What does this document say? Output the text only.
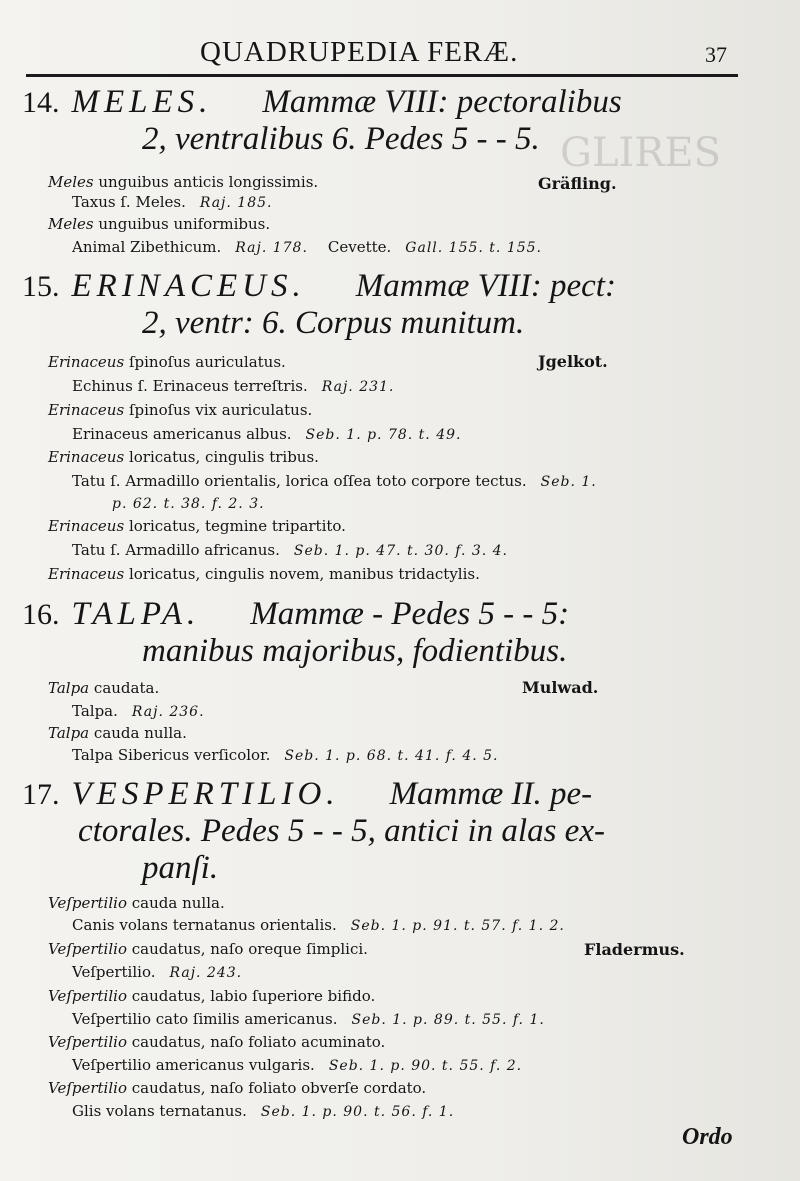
GLIRES
QUADRUPEDIA FERÆ.	37
14. MELES. Mammæ VIII: pectoralibus
2, ventralibus 6. Pedes 5 - - 5.
Gräfling.
Meles unguibus anticis longissimis.
Taxus ſ. Meles. Raj. 185.
Meles unguibus uniformibus.
Animal Zibethicum. Raj. 178. Cevette. Gall. 155. t. 155.
15. ERINACEUS. Mammæ VIII: pect:
2, ventr: 6. Corpus munitum.
Jgelkot.
Erinaceus ſpinoſus auriculatus.
Echinus ſ. Erinaceus terreſtris. Raj. 231.
Erinaceus ſpinoſus vix auriculatus.
Erinaceus americanus albus. Seb. 1. p. 78. t. 49.
Erinaceus loricatus, cingulis tribus.
Tatu ſ. Armadillo orientalis, lorica oſſea toto corpore tectus. Seb. 1.
p. 62. t. 38. f. 2. 3.
Erinaceus loricatus, tegmine tripartito.
Tatu ſ. Armadillo africanus. Seb. 1. p. 47. t. 30. f. 3. 4.
Erinaceus loricatus, cingulis novem, manibus tridactylis.
16. TALPA. Mammæ - Pedes 5 - - 5:
manibus majoribus, fodientibus.
Mulwad.
Talpa caudata.
Talpa. Raj. 236.
Talpa cauda nulla.
Talpa Sibericus verſicolor. Seb. 1. p. 68. t. 41. f. 4. 5.
17. VESPERTILIO. Mammæ II. pe-
ctorales. Pedes 5 - - 5, antici in alas ex-
panſi.
Fladermus.
Veſpertilio cauda nulla.
Canis volans ternatanus orientalis. Seb. 1. p. 91. t. 57. f. 1. 2.
Veſpertilio caudatus, naſo oreque ſimplici.
Veſpertilio. Raj. 243.
Veſpertilio caudatus, labio ſuperiore bifido.
Veſpertilio cato ſimilis americanus. Seb. 1. p. 89. t. 55. f. 1.
Veſpertilio caudatus, naſo foliato acuminato.
Veſpertilio americanus vulgaris. Seb. 1. p. 90. t. 55. f. 2.
Veſpertilio caudatus, naſo foliato obverſe cordato.
Glis volans ternatanus. Seb. 1. p. 90. t. 56. f. 1.
Ordo
